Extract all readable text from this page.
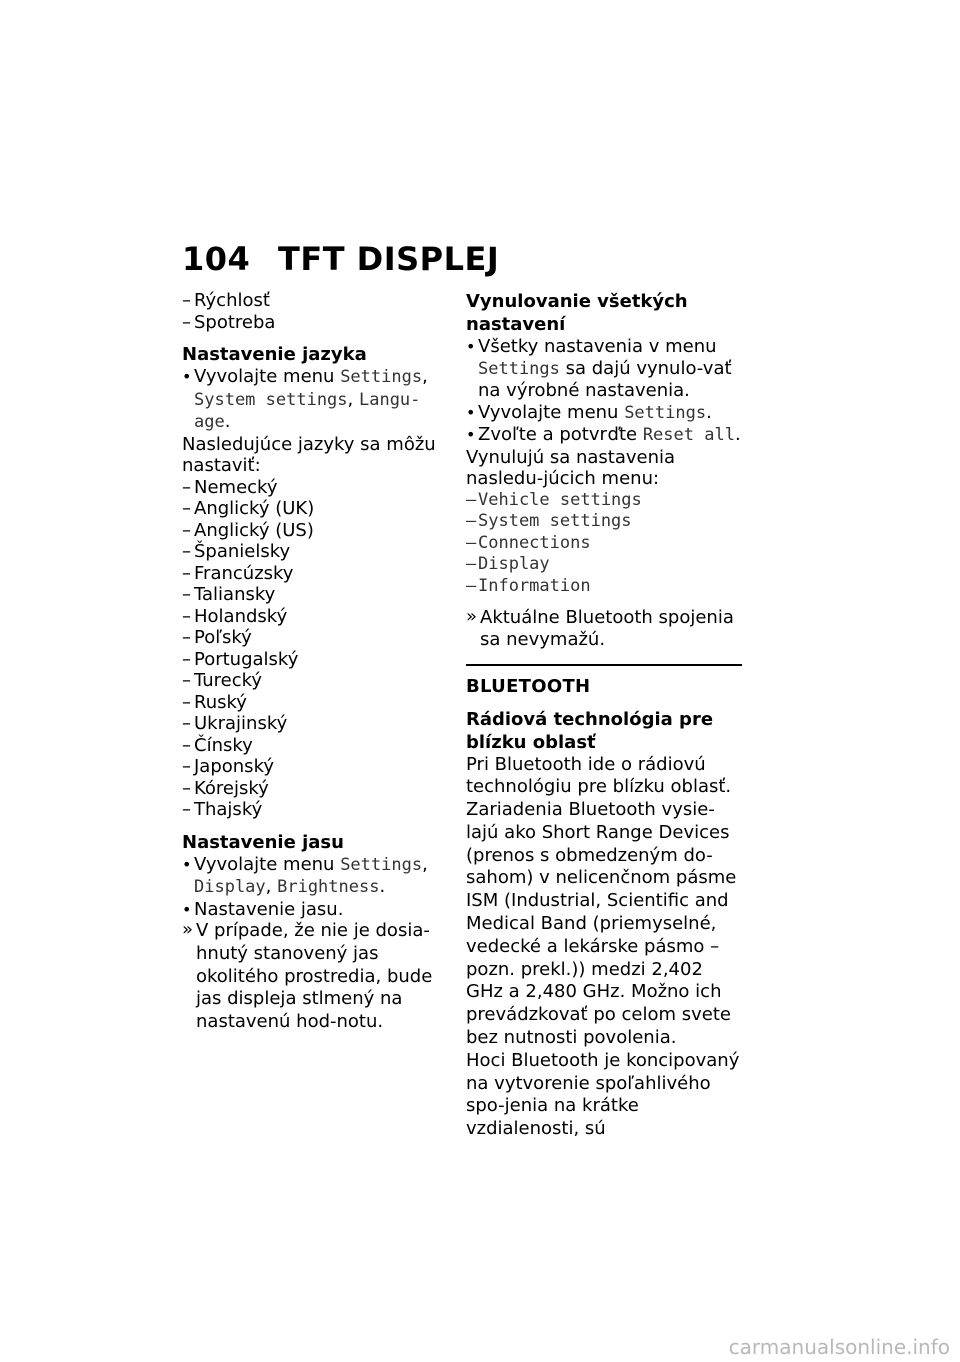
104 TFT DISPLEJ
– Rýchlosť
– Spotreba
Nastavenie jazyka
• Vyvolajte menu Settings,
System settings, Langu-
age.

Nasledujúce jazyky sa môžu nastaviť:

– Nemecký
– Anglický (UK)
– Anglický (US)
– Španielsky
– Francúzsky
– Taliansky
– Holandský
– Poľský
– Portugalský
– Turecký
– Ruský
– Ukrajinský
– Čínsky
– Japonský
– Kórejský
– Thajský
Nastavenie jasu
• Vyvolajte menu Settings,
Display, Brightness.
• Nastavenie jasu.
» V prípade, že nie je dosia-hnutý stanovený jas okolitého prostredia, bude jas displeja stlmený na nastavenú hod-notu.
Vynulovanie všetkých nastavení
• Všetky nastavenia v menu Settings sa dajú vynulo-vať na výrobné nastavenia.
• Vyvolajte menu Settings.
• Zvoľte a potvrďte Reset all.

Vynulujú sa nastavenia nasledu-júcich menu:

– Vehicle settings
– System settings
– Connections
– Display
– Information
» Aktuálne Bluetooth spojenia sa nevymažú.
BLUETOOTH
Rádiová technológia pre blízku oblasť

Pri Bluetooth ide o rádiovú technológiu pre blízku oblasť. Zariadenia Bluetooth vysie-lajú ako Short Range Devices (prenos s obmedzeným do-sahom) v nelicenčnom pásme ISM (Industrial, Scientific and Medical Band (priemyselné, vedecké a lekárske pásmo – pozn. prekl.)) medzi 2,402 GHz a 2,480 GHz. Možno ich prevádzkovať po celom svete bez nutnosti povolenia.

Hoci Bluetooth je koncipovaný na vytvorenie spoľahlivého spo-jenia na krátke vzdialenosti, sú

carmanualsonline.info
